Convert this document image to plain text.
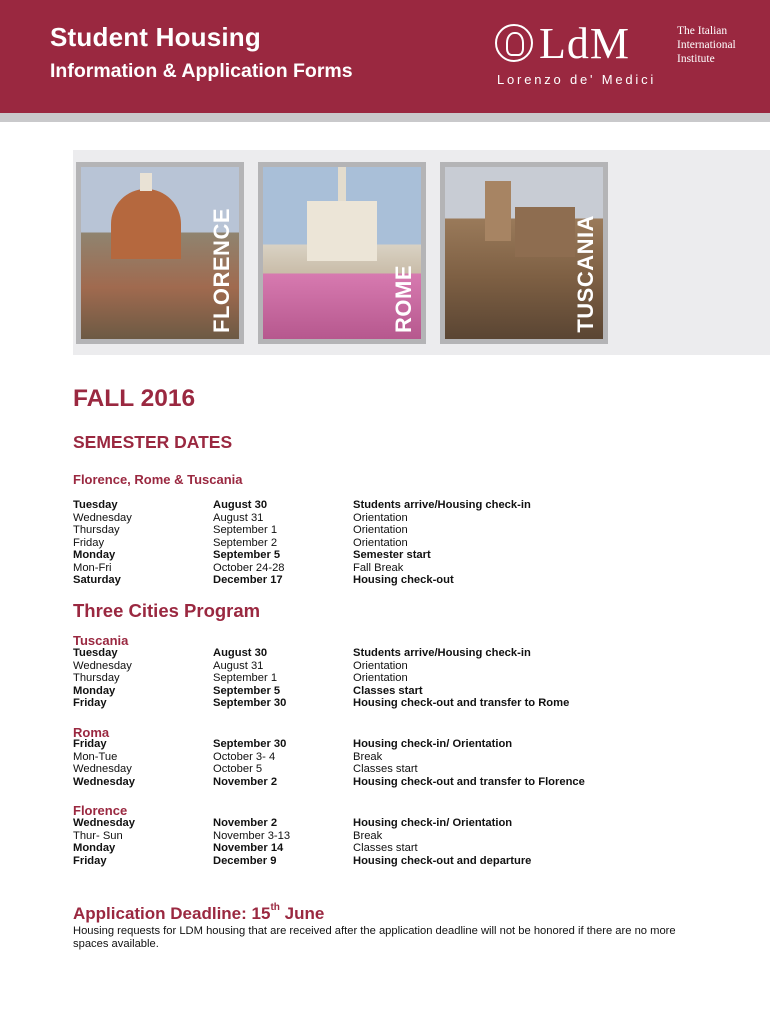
Student Housing
Information & Application Forms
LdM	The Italian
International
Institute
Lorenzo de' Medici
FLORENCE	ROME	TUSCANIA
FALL 2016
SEMESTER DATES
Florence, Rome & Tuscania
Tuesday	August 30	Students arrive/Housing check-in
Wednesday	August 31	Orientation
Thursday	September 1	Orientation
Friday	September 2	Orientation
Monday	September 5	Semester start
Mon-Fri	October 24-28	Fall Break
Saturday	December 17	Housing check-out
Three Cities Program
Tuscania
Tuesday	August 30	Students arrive/Housing check-in
Wednesday	August 31	Orientation
Thursday	September 1	Orientation
Monday	September 5	Classes start
Friday	September 30	Housing check-out and transfer to Rome
Roma
Friday	September 30	Housing check-in/ Orientation
Mon-Tue	October 3- 4	Break
Wednesday	October 5	Classes start
Wednesday	November 2	Housing check-out and transfer to Florence
Florence
Wednesday	November 2	Housing check-in/ Orientation
Thur- Sun	November 3-13	Break
Monday	November 14	Classes start
Friday	December 9	Housing check-out and departure
Application Deadline: 15th June
Housing requests for LDM housing that are received after the application deadline will not be honored if there are no more spaces available.
